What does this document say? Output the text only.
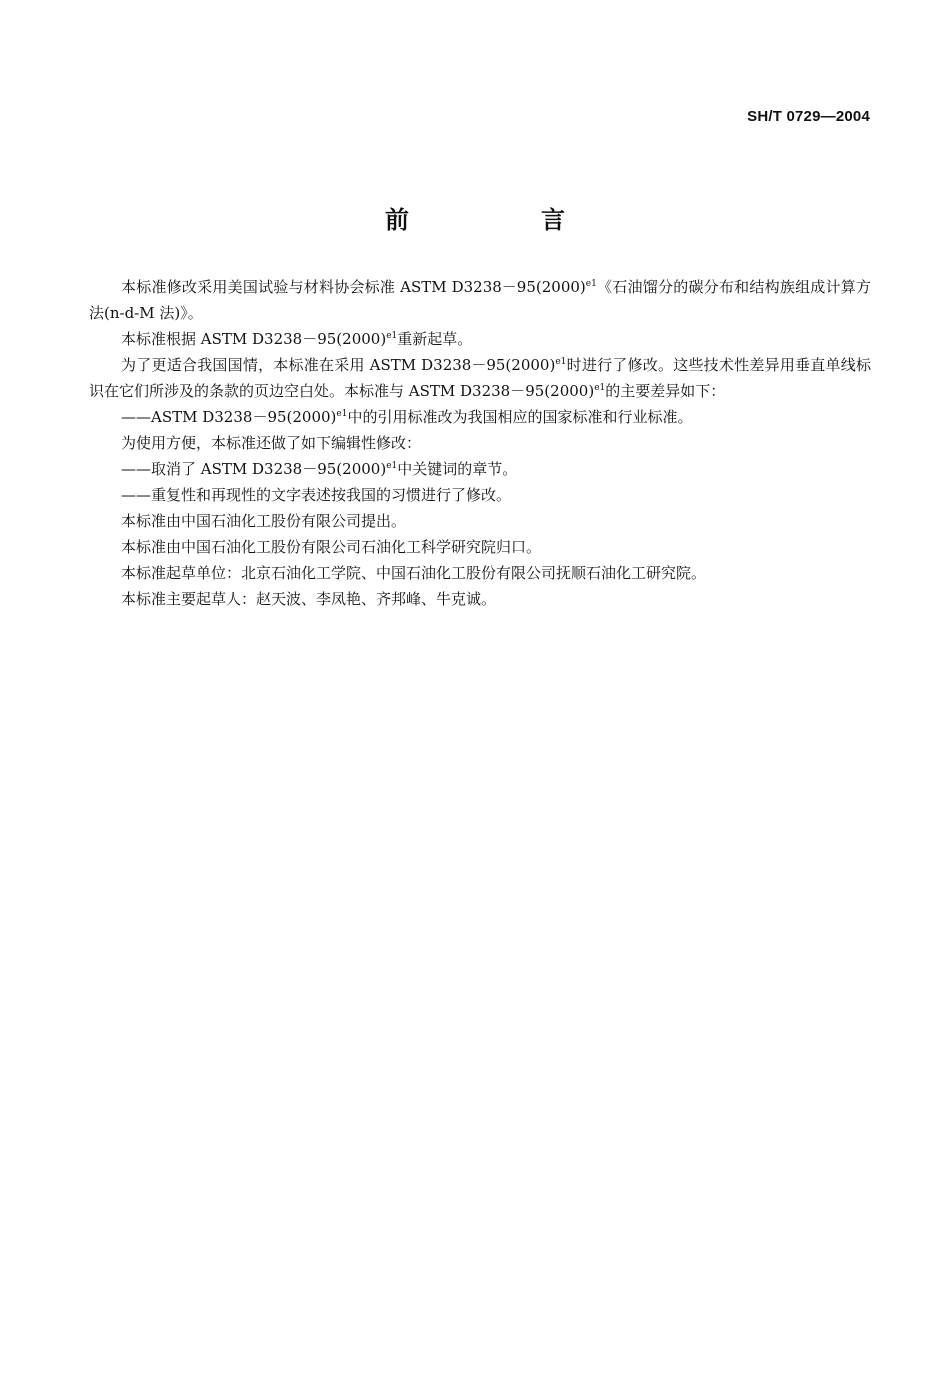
SH/T 0729—2004
前　言

本标准修改采用美国试验与材料协会标准 ASTM $D3238-95(2000)^{e1}$《石油馏分的碳分布和结构族组成计算方法(n-d-M 法)》。

本标准根据 ASTM $D3238-95(2000)^{e1}$重新起草。

为了更适合我国国情，本标准在采用 ASTM $D3238-95(2000)^{e1}$时进行了修改。这些技术性差异用垂直单线标识在它们所涉及的条款的页边空白处。本标准与 ASTM $D3238-95(2000)^{e1}$的主要差异如下：

——ASTM $D3238-95(2000)^{e1}$中的引用标准改为我国相应的国家标准和行业标准。

为使用方便，本标准还做了如下编辑性修改：

——取消了 ASTM $D3238-95(2000)^{e1}$中关键词的章节。

——重复性和再现性的文字表述按我国的习惯进行了修改。

本标准由中国石油化工股份有限公司提出。

本标准由中国石油化工股份有限公司石油化工科学研究院归口。

本标准起草单位：北京石油化工学院、中国石油化工股份有限公司抚顺石油化工研究院。

本标准主要起草人：赵天波、李凤艳、齐邦峰、牛克诚。
